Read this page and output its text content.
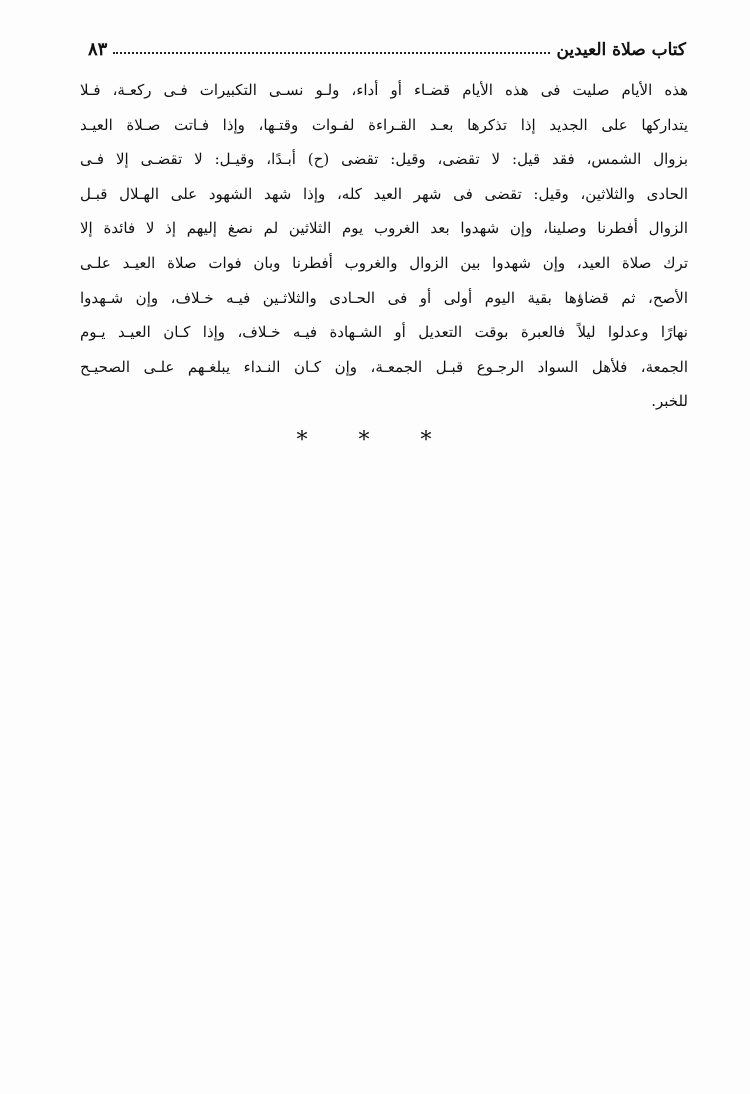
كتاب صلاة العيدين
٨٣
هذه الأيام صليت فى هذه الأيام قضـاء أو أداء، ولـو نسـى التكبيرات فـى ركعـة، فـلا
يتداركها على الجديد إذا تذكرها بعـد القـراءة لفـوات وقتـها، وإذا فـاتت صـلاة العيـد
بزوال الشمس، فقد قيل: لا تقضى، وقيل: تقضى (ح) أبـدًا، وقيـل: لا تقضـى إلا فـى
الحادى والثلاثين، وقيل: تقضى فى شهر العيد كله، وإذا شهد الشهود على الهـلال قبـل
الزوال أفطرنا وصلينا، وإن شهدوا بعد الغروب يوم الثلاثين لم نصغ إليهم إذ لا فائدة إلا
ترك صلاة العيد، وإن شهدوا بين الزوال والغروب أفطرنا وبان فوات صلاة العيـد علـى
الأصح، ثم قضاؤها بقية اليوم أولى أو فى الحـادى والثلاثـين فيـه خـلاف، وإن شـهدوا
نهارًا وعدلوا ليلاً فالعبرة بوقت التعديل أو الشـهادة فيـه خـلاف، وإذا كـان العيـد يـوم
الجمعة، فلأهل السواد الرجـوع قبـل الجمعـة، وإن كـان النـداء يبلغـهم علـى الصحيـح
للخبر.
* * *
